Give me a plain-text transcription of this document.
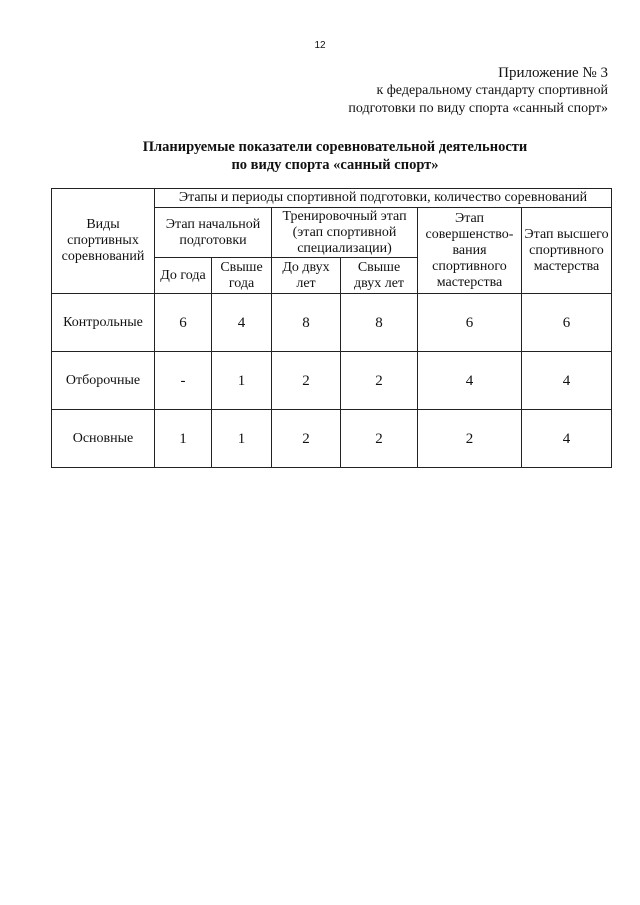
12
Приложение № 3
к федеральному стандарту спортивной
подготовки по виду спорта «санный спорт»
Планируемые показатели соревновательной деятельности
по виду спорта «санный спорт»
Виды спортивных соревнований	Этапы и периоды спортивной подготовки, количество соревнований					
	Этап начальной подготовки		Тренировочный этап (этап спортивной специализации)		Этап совершенство-вания спортивного мастерства	Этап высшего спортивного мастерства
	До года	Свыше года	До двух лет	Свыше двух лет		
Контрольные	6	4	8	8	6	6
Отборочные	-	1	2	2	4	4
Основные	1	1	2	2	2	4
